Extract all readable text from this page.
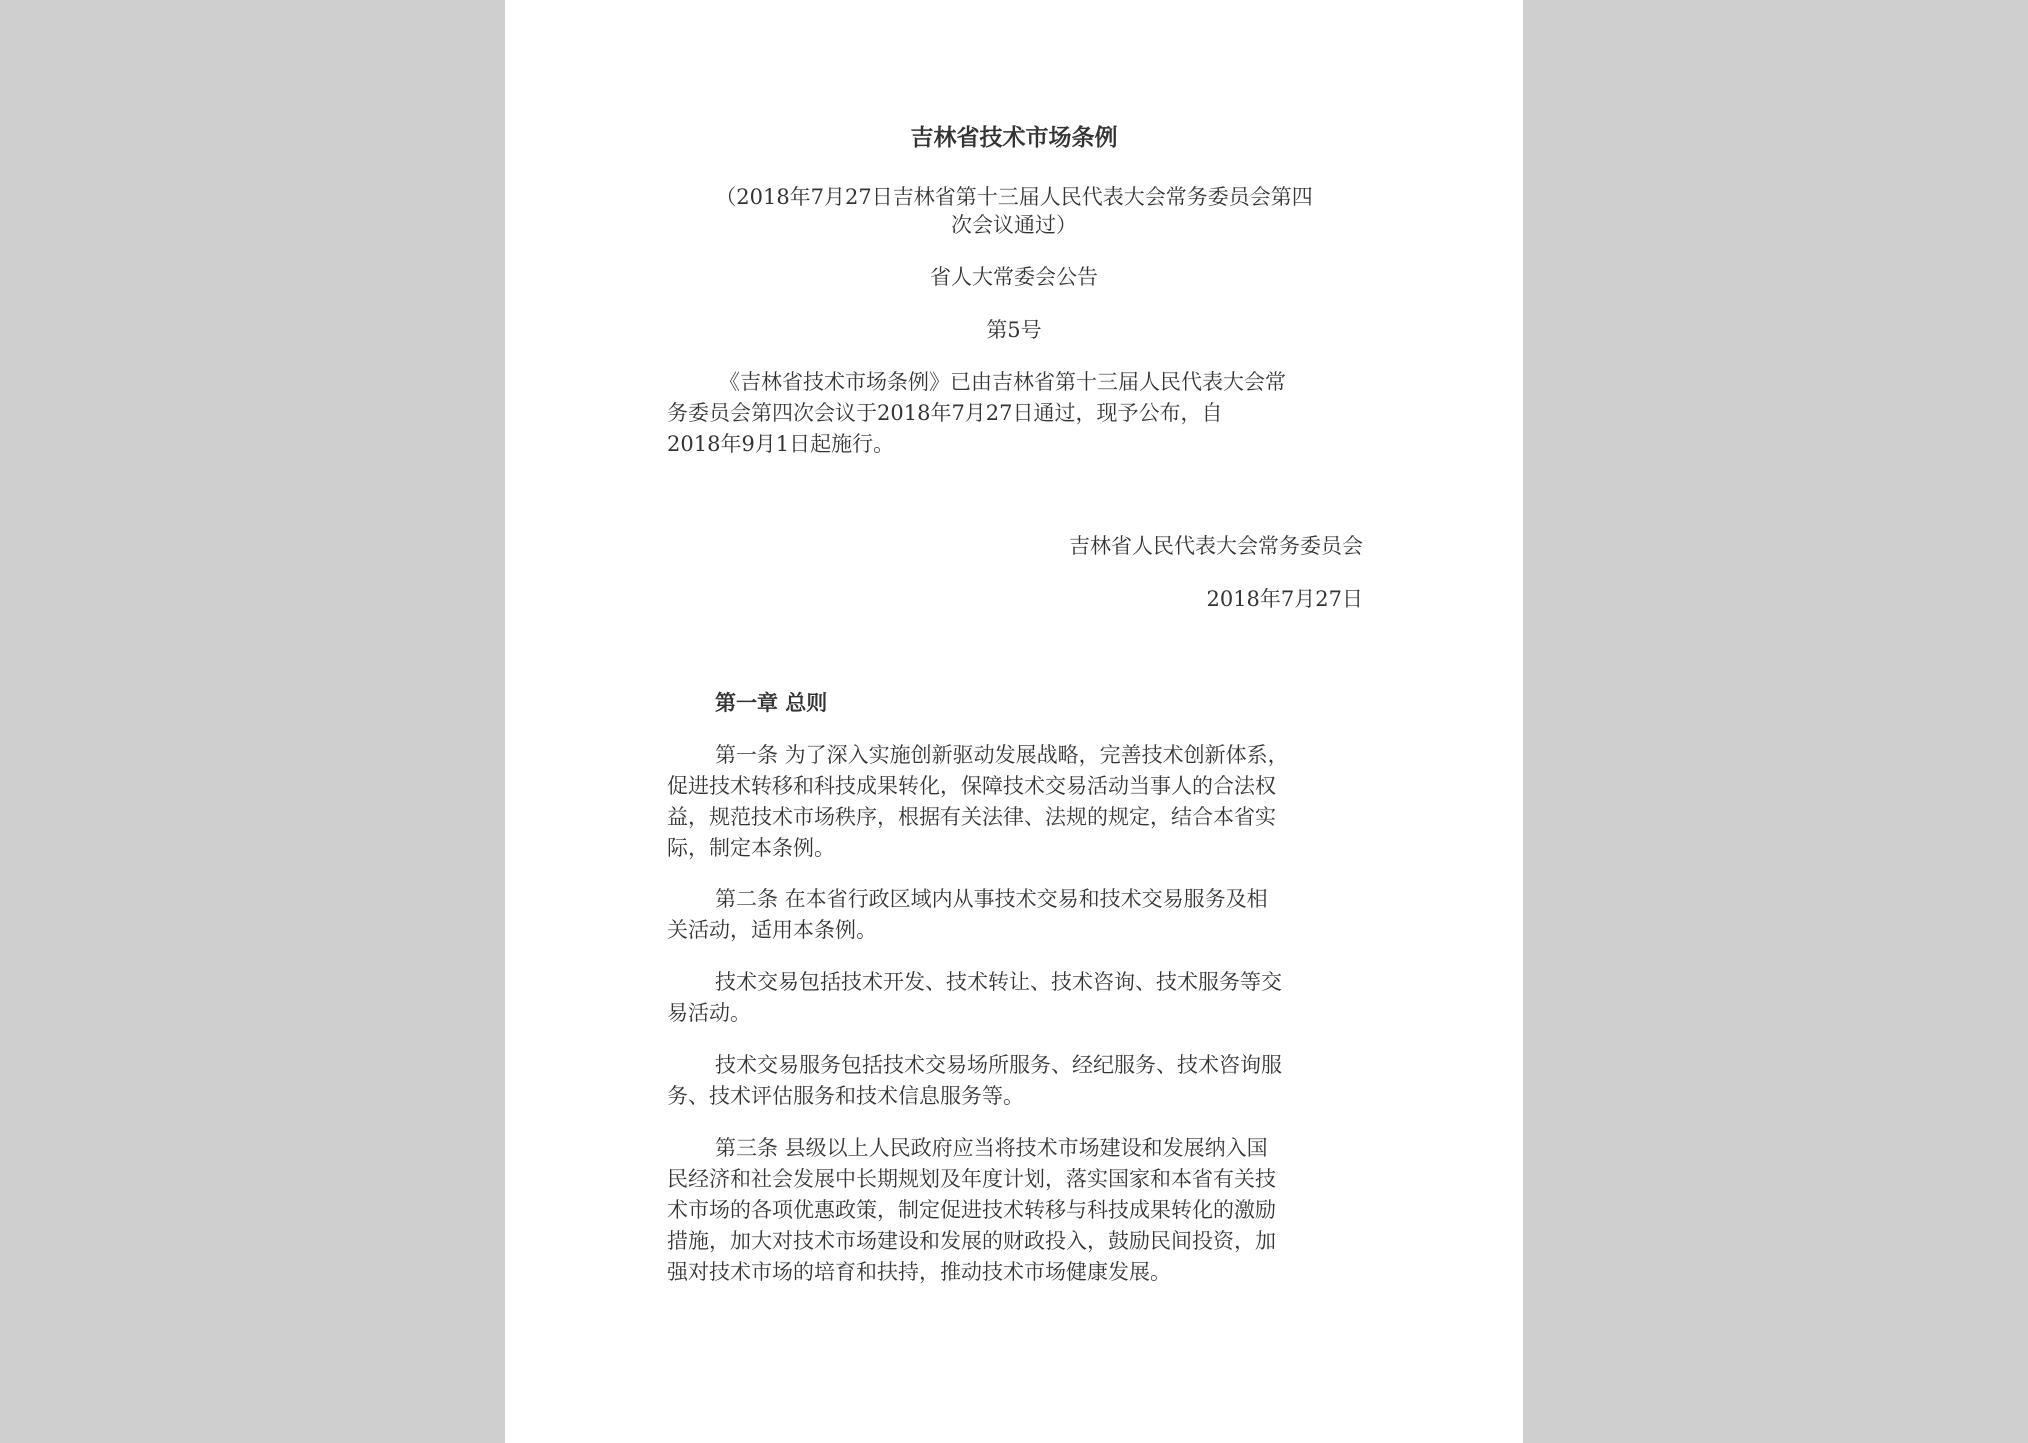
吉林省技术市场条例
（2018年7月27日吉林省第十三届人民代表大会常务委员会第四
次会议通过）
省人大常委会公告
第5号
《吉林省技术市场条例》已由吉林省第十三届人民代表大会常
务委员会第四次会议于2018年7月27日通过，现予公布，自
2018年9月1日起施行。
吉林省人民代表大会常务委员会
2018年7月27日
第一章 总则
第一条 为了深入实施创新驱动发展战略，完善技术创新体系，
促进技术转移和科技成果转化，保障技术交易活动当事人的合法权
益，规范技术市场秩序，根据有关法律、法规的规定，结合本省实
际，制定本条例。
第二条 在本省行政区域内从事技术交易和技术交易服务及相
关活动，适用本条例。
技术交易包括技术开发、技术转让、技术咨询、技术服务等交
易活动。
技术交易服务包括技术交易场所服务、经纪服务、技术咨询服
务、技术评估服务和技术信息服务等。
第三条 县级以上人民政府应当将技术市场建设和发展纳入国
民经济和社会发展中长期规划及年度计划，落实国家和本省有关技
术市场的各项优惠政策，制定促进技术转移与科技成果转化的激励
措施，加大对技术市场建设和发展的财政投入，鼓励民间投资，加
强对技术市场的培育和扶持，推动技术市场健康发展。
